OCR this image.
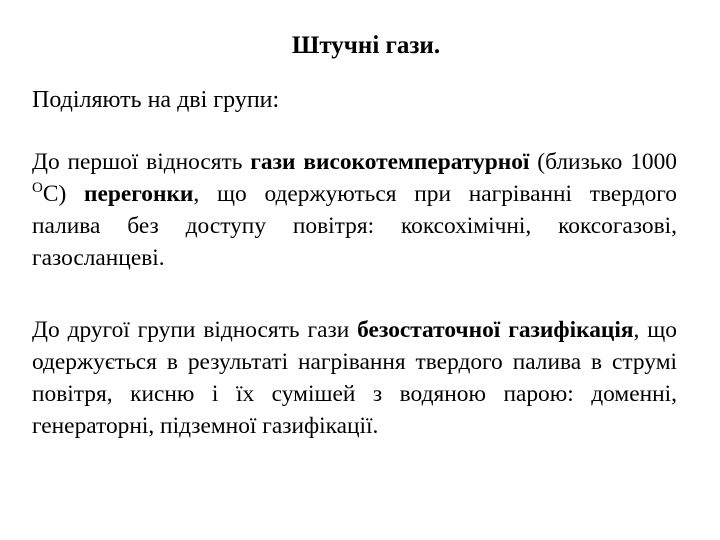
Штучні гази.
Поділяють на дві групи:
До першої відносять гази високотемпературної (близько 1000 $^О$С) перегонки, що одержуються при нагріванні твердого палива без доступу повітря: коксохімічні, коксогазові, газосланцеві.
До другої групи відносять гази безостаточної газифікація, що одержується в результаті нагрівання твердого палива в струмі повітря, кисню і їх сумішей з водяною парою: доменні, генераторні, підземної газифікації.
